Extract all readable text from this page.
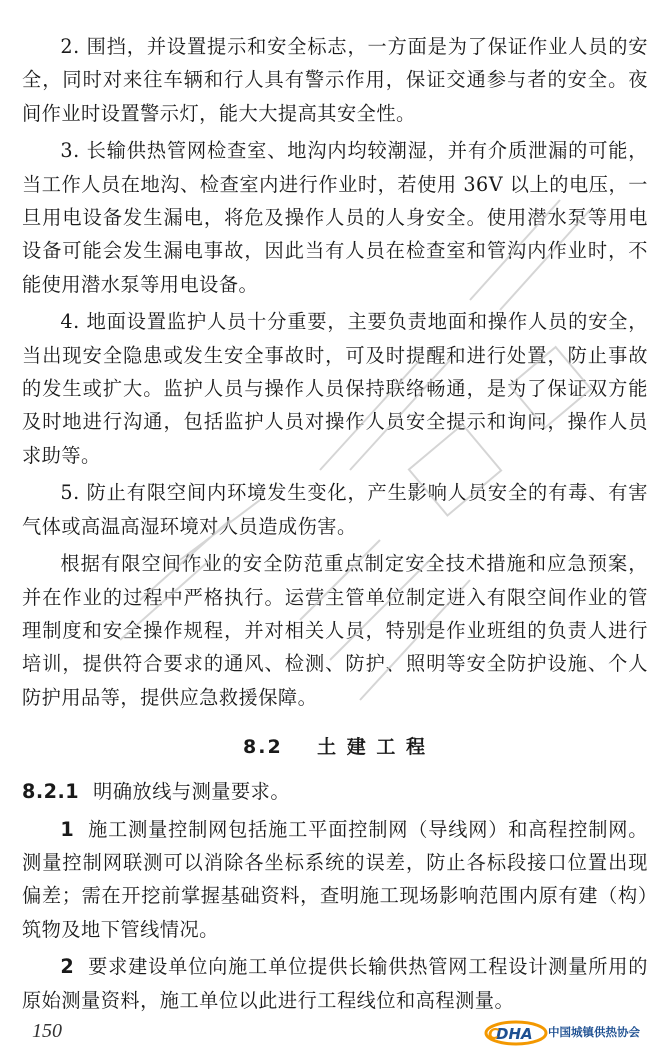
2. 围挡，并设置提示和安全标志，一方面是为了保证作业人员的安全，同时对来往车辆和行人具有警示作用，保证交通参与者的安全。夜间作业时设置警示灯，能大大提高其安全性。

3. 长输供热管网检查室、地沟内均较潮湿，并有介质泄漏的可能，当工作人员在地沟、检查室内进行作业时，若使用 36V 以上的电压，一旦用电设备发生漏电，将危及操作人员的人身安全。使用潜水泵等用电设备可能会发生漏电事故，因此当有人员在检查室和管沟内作业时，不能使用潜水泵等用电设备。

4. 地面设置监护人员十分重要，主要负责地面和操作人员的安全，当出现安全隐患或发生安全事故时，可及时提醒和进行处置，防止事故的发生或扩大。监护人员与操作人员保持联络畅通，是为了保证双方能及时地进行沟通，包括监护人员对操作人员安全提示和询问，操作人员求助等。

5. 防止有限空间内环境发生变化，产生影响人员安全的有毒、有害气体或高温高湿环境对人员造成伤害。

根据有限空间作业的安全防范重点制定安全技术措施和应急预案，并在作业的过程中严格执行。运营主管单位制定进入有限空间作业的管理制度和安全操作规程，并对相关人员，特别是作业班组的负责人进行培训，提供符合要求的通风、检测、防护、照明等安全防护设施、个人防护用品等，提供应急救援保障。

8.2 土 建 工 程

8.2.1 明确放线与测量要求。

1 施工测量控制网包括施工平面控制网（导线网）和高程控制网。测量控制网联测可以消除各坐标系统的误差，防止各标段接口位置出现偏差；需在开挖前掌握基础资料，查明施工现场影响范围内原有建（构）筑物及地下管线情况。

2 要求建设单位向施工单位提供长输供热管网工程设计测量所用的原始测量资料，施工单位以此进行工程线位和高程测量。

150	DHA
C	中国城镇供热协会
